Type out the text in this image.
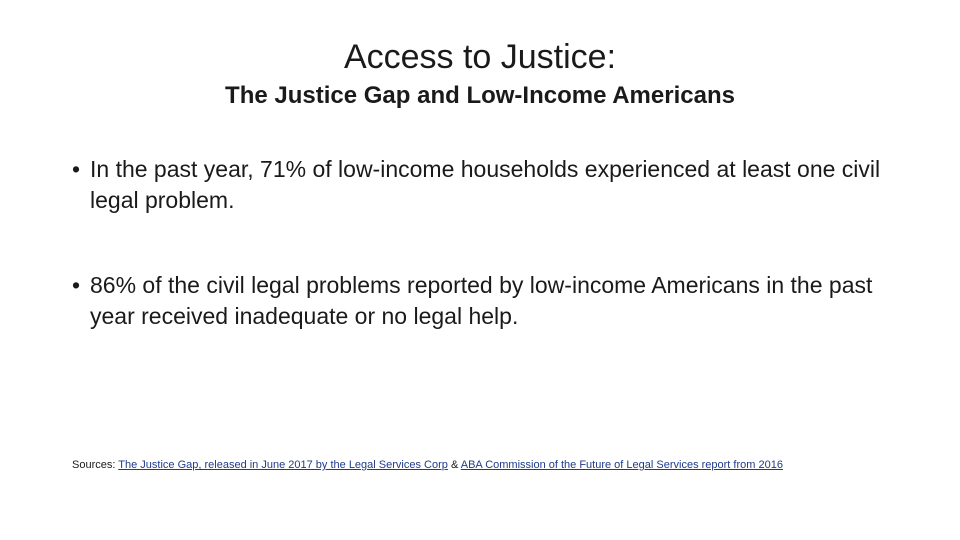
Access to Justice:
The Justice Gap and Low-Income Americans
• In the past year, 71% of low-income households experienced at least one civil legal problem.
• 86% of the civil legal problems reported by low-income Americans in the past year received inadequate or no legal help.
Sources: The Justice Gap, released in June 2017 by the Legal Services Corp & ABA Commission of the Future of Legal Services report from 2016
